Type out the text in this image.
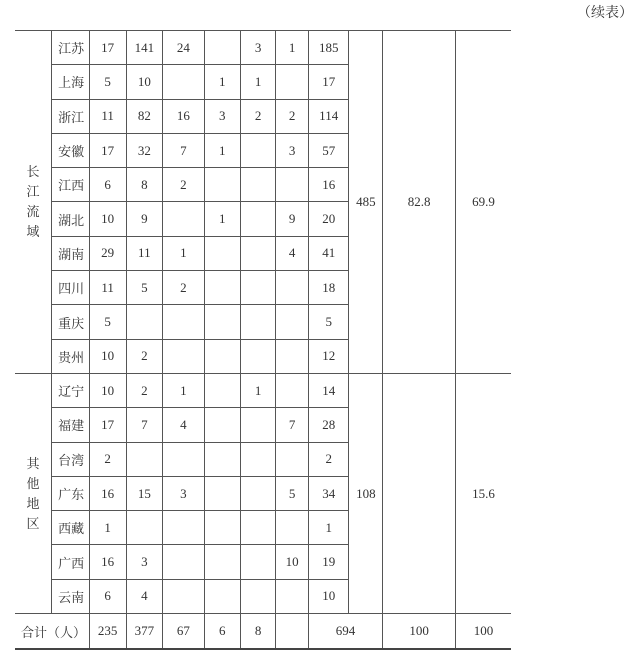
（续表）
长江流域	江苏	17	141	24		3	1	185	485	82.8	69.9
	上海	5	10		1	1		17			
	浙江	11	82	16	3	2	2	114			
	安徽	17	32	7	1		3	57			
	江西	6	8	2				16			
	湖北	10	9		1		9	20			
	湖南	29	11	1			4	41			
	四川	11	5	2				18			
	重庆	5						5			
	贵州	10	2					12			
其他地区	辽宁	10	2	1		1		14	108		15.6
	福建	17	7	4			7	28			
	台湾	2						2			
	广东	16	15	3			5	34			
	西藏	1						1			
	广西	16	3				10	19			
	云南	6	4					10			
合计（人）		235	377	67	6	8		694		100	100
